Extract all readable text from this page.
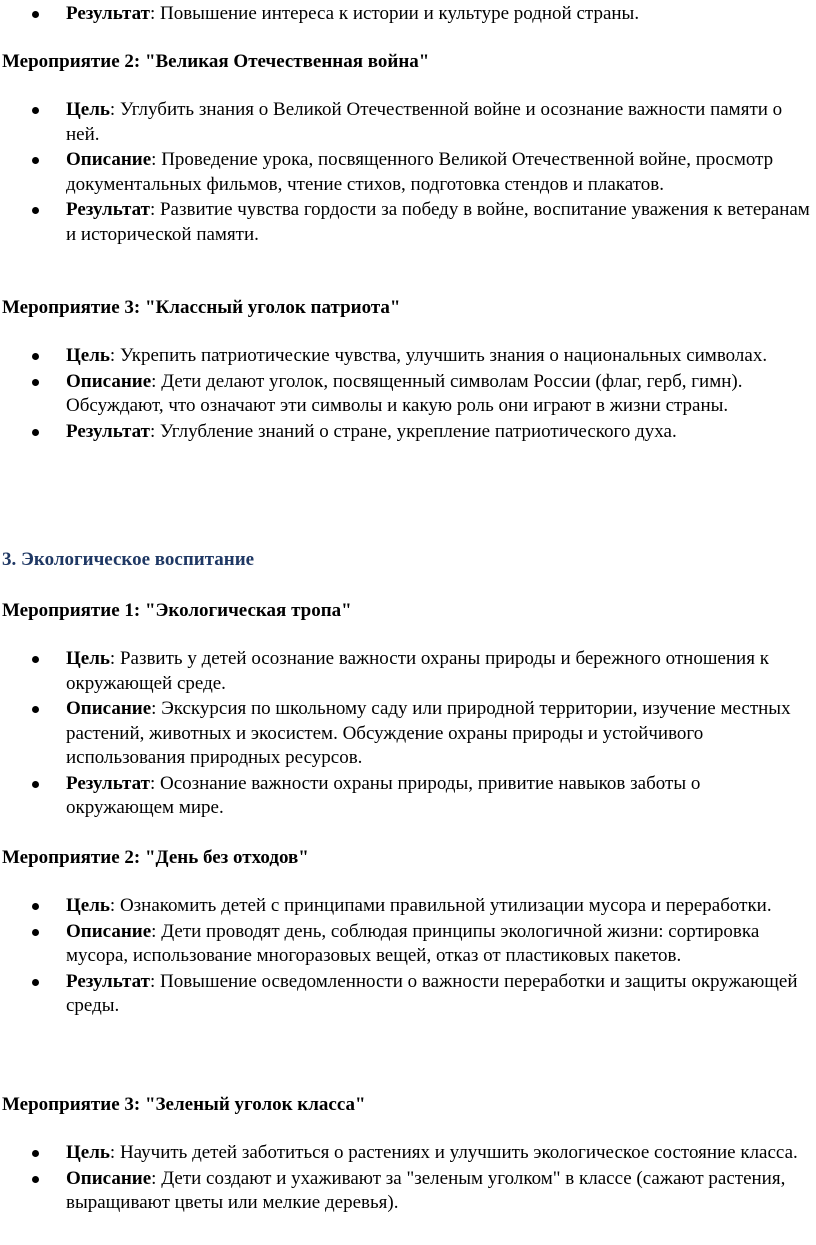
Результат: Повышение интереса к истории и культуре родной страны.
Мероприятие 2: "Великая Отечественная война"
Цель: Углубить знания о Великой Отечественной войне и осознание важности памяти о ней.
Описание: Проведение урока, посвященного Великой Отечественной войне, просмотр документальных фильмов, чтение стихов, подготовка стендов и плакатов.
Результат: Развитие чувства гордости за победу в войне, воспитание уважения к ветеранам и исторической памяти.
Мероприятие 3: "Классный уголок патриота"
Цель: Укрепить патриотические чувства, улучшить знания о национальных символах.
Описание: Дети делают уголок, посвященный символам России (флаг, герб, гимн). Обсуждают, что означают эти символы и какую роль они играют в жизни страны.
Результат: Углубление знаний о стране, укрепление патриотического духа.
3. Экологическое воспитание
Мероприятие 1: "Экологическая тропа"
Цель: Развить у детей осознание важности охраны природы и бережного отношения к окружающей среде.
Описание: Экскурсия по школьному саду или природной территории, изучение местных растений, животных и экосистем. Обсуждение охраны природы и устойчивого использования природных ресурсов.
Результат: Осознание важности охраны природы, привитие навыков заботы о окружающем мире.
Мероприятие 2: "День без отходов"
Цель: Ознакомить детей с принципами правильной утилизации мусора и переработки.
Описание: Дети проводят день, соблюдая принципы экологичной жизни: сортировка мусора, использование многоразовых вещей, отказ от пластиковых пакетов.
Результат: Повышение осведомленности о важности переработки и защиты окружающей среды.
Мероприятие 3: "Зеленый уголок класса"
Цель: Научить детей заботиться о растениях и улучшить экологическое состояние класса.
Описание: Дети создают и ухаживают за "зеленым уголком" в классе (сажают растения, выращивают цветы или мелкие деревья).
